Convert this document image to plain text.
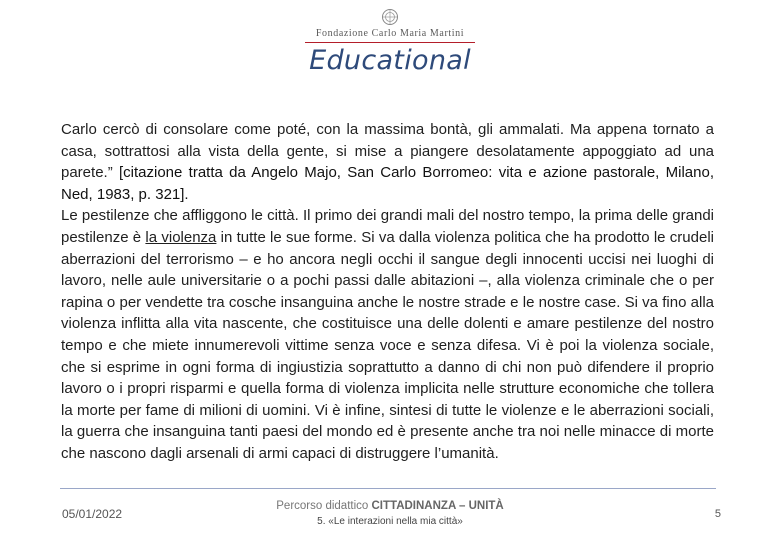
Fondazione Carlo Maria Martini
Educational

Carlo cercò di consolare come poté, con la massima bontà, gli ammalati. Ma appena tornato a casa, sottrattosi alla vista della gente, si mise a piangere desolatamente appoggiato ad una parete.” [citazione tratta da Angelo Majo, San Carlo Borromeo: vita e azione pastorale, Milano, Ned, 1983, p. 321].

Le pestilenze che affliggono le città. Il primo dei grandi mali del nostro tempo, la prima delle grandi pestilenze è la violenza in tutte le sue forme. Si va dalla violenza politica che ha prodotto le crudeli aberrazioni del terrorismo – e ho ancora negli occhi il sangue degli innocenti uccisi nei luoghi di lavoro, nelle aule universitarie o a pochi passi dalle abitazioni –, alla violenza criminale che o per rapina o per vendette tra cosche insanguina anche le nostre strade e le nostre case. Si va fino alla violenza inflitta alla vita nascente, che costituisce una delle dolenti e amare pestilenze del nostro tempo e che miete innumerevoli vittime senza voce e senza difesa. Vi è poi la violenza sociale, che si esprime in ogni forma di ingiustizia soprattutto a danno di chi non può difendere il proprio lavoro o i propri risparmi e quella forma di violenza implicita nelle strutture economiche che tollera la morte per fame di milioni di uomini. Vi è infine, sintesi di tutte le violenze e le aberrazioni sociali, la guerra che insanguina tanti paesi del mondo ed è presente anche tra noi nelle minacce di morte che nascono dagli arsenali di armi capaci di distruggere l’umanità.

05/01/2022
Percorso didattico CITTADINANZA – UNITÀ
5. «Le interazioni nella mia città»
5
